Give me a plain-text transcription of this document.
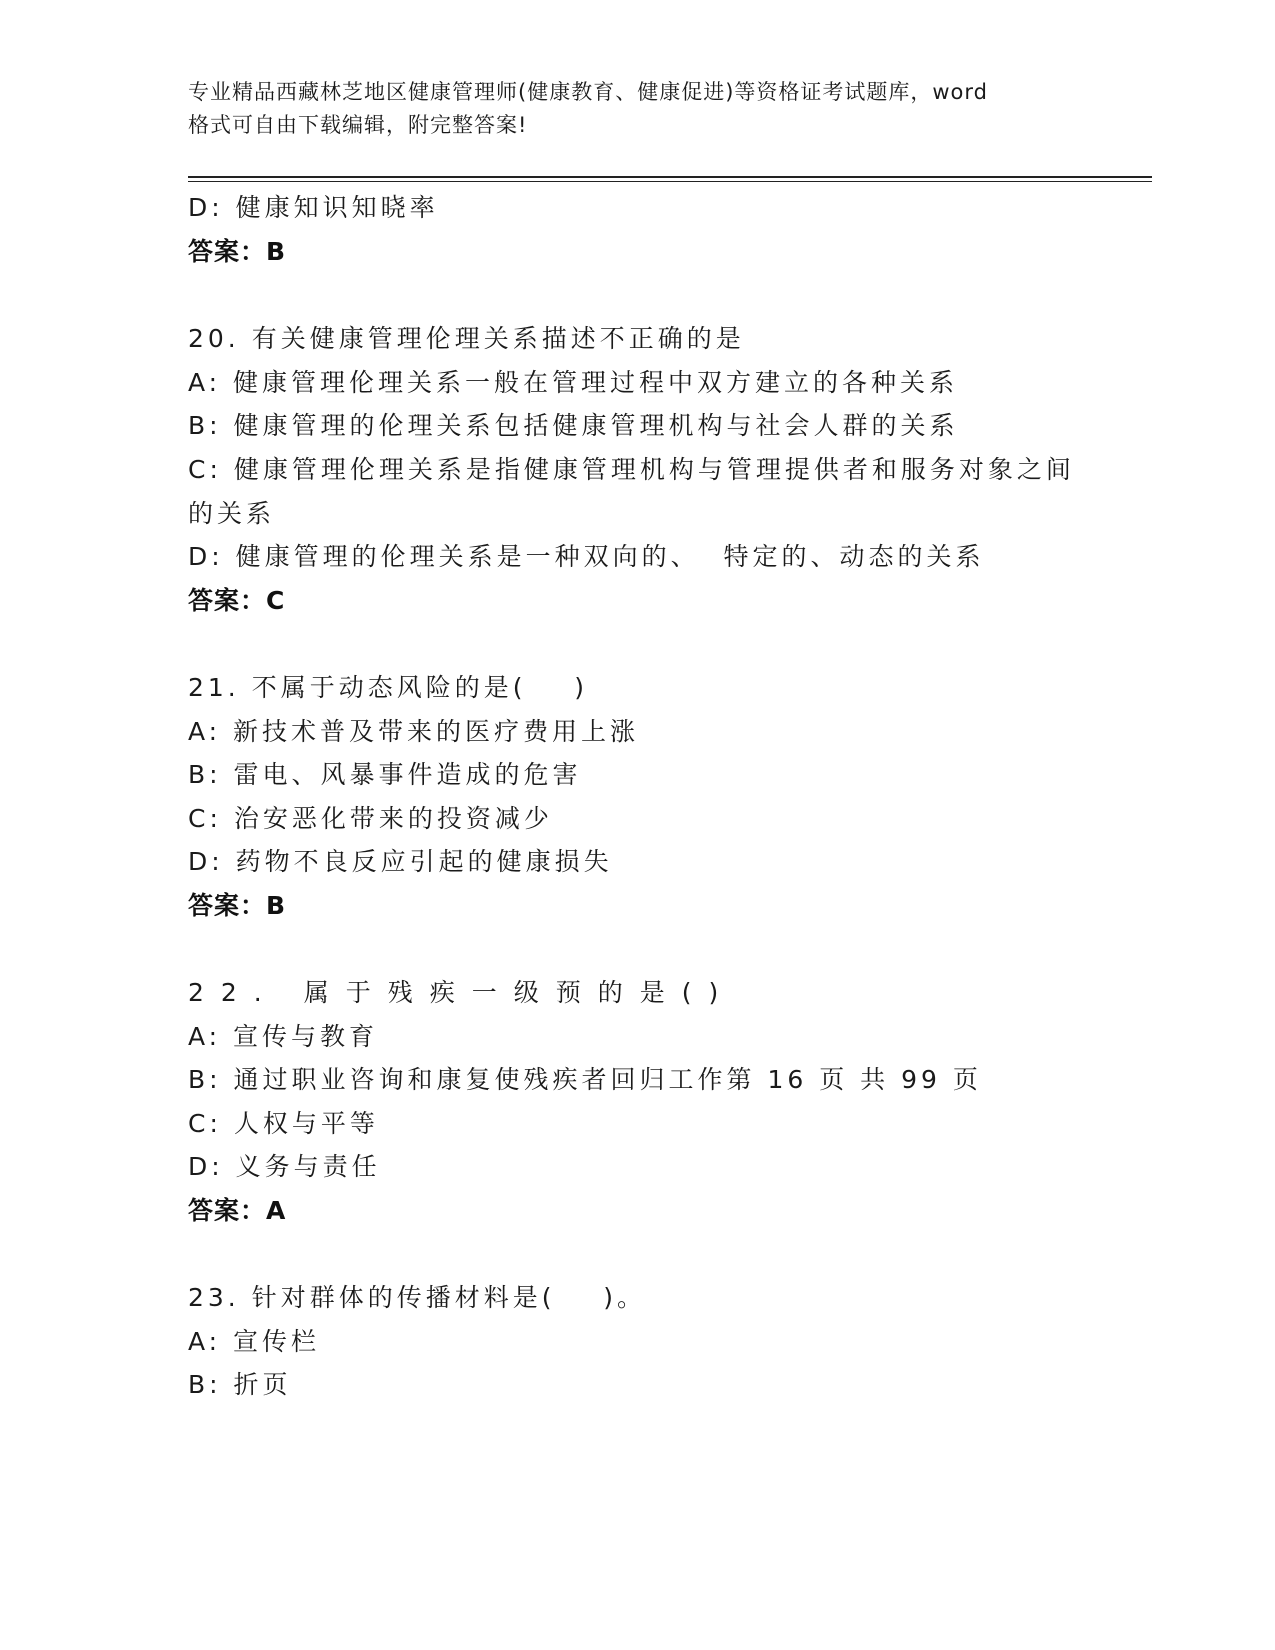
专业精品西藏林芝地区健康管理师(健康教育、健康促进)等资格证考试题库，word
格式可自由下载编辑，附完整答案!
D: 健康知识知晓率
答案：B
20. 有关健康管理伦理关系描述不正确的是
A: 健康管理伦理关系一般在管理过程中双方建立的各种关系
B: 健康管理的伦理关系包括健康管理机构与社会人群的关系
C: 健康管理伦理关系是指健康管理机构与管理提供者和服务对象之间
的关系
D: 健康管理的伦理关系是一种双向的、  特定的、动态的关系
答案：C
21. 不属于动态风险的是(    )
A: 新技术普及带来的医疗费用上涨
B: 雷电、风暴事件造成的危害
C: 治安恶化带来的投资减少
D: 药物不良反应引起的健康损失
答案：B
22. 属于残疾一级预的是()
A: 宣传与教育
B: 通过职业咨询和康复使残疾者回归工作第 16 页 共 99 页
C: 人权与平等
D: 义务与责任
答案：A
23. 针对群体的传播材料是(    )。
A: 宣传栏
B: 折页
